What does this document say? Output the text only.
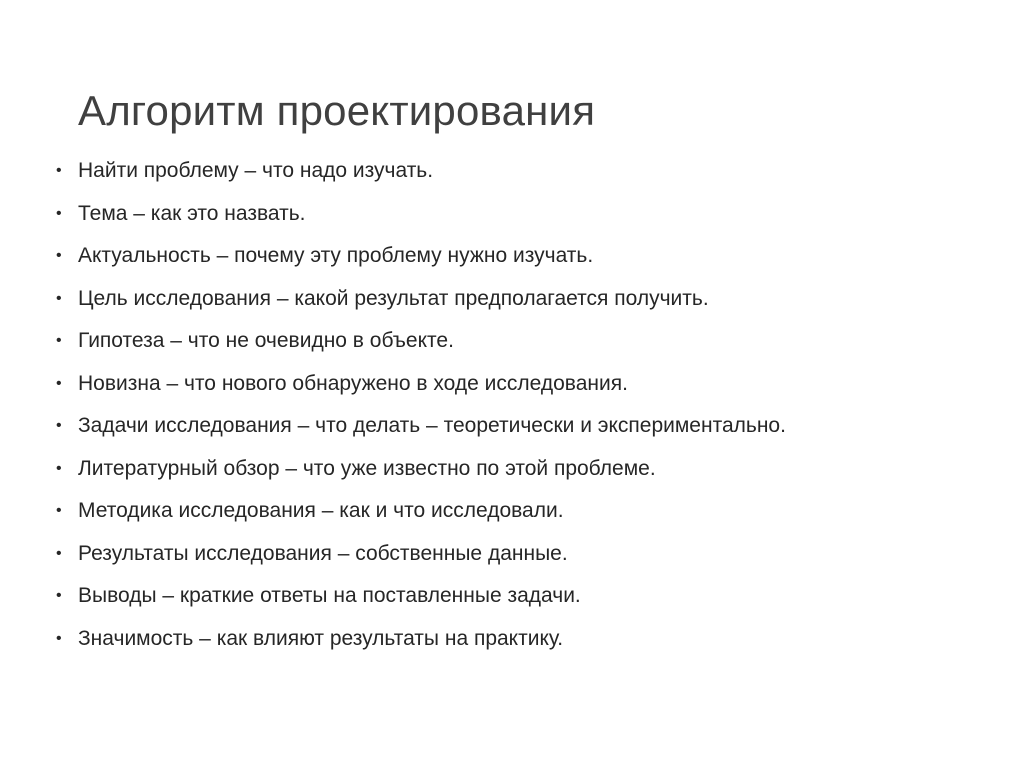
Алгоритм проектирования
• Найти проблему – что надо изучать.
• Тема – как это назвать.
• Актуальность – почему эту проблему нужно изучать.
• Цель исследования – какой результат предполагается получить.
• Гипотеза – что не очевидно в объекте.
• Новизна – что нового обнаружено в ходе исследования.
• Задачи исследования – что делать – теоретически и экспериментально.
• Литературный обзор – что уже известно по этой проблеме.
• Методика исследования – как и что исследовали.
• Результаты исследования – собственные данные.
• Выводы – краткие ответы на поставленные задачи.
• Значимость – как влияют результаты на практику.
